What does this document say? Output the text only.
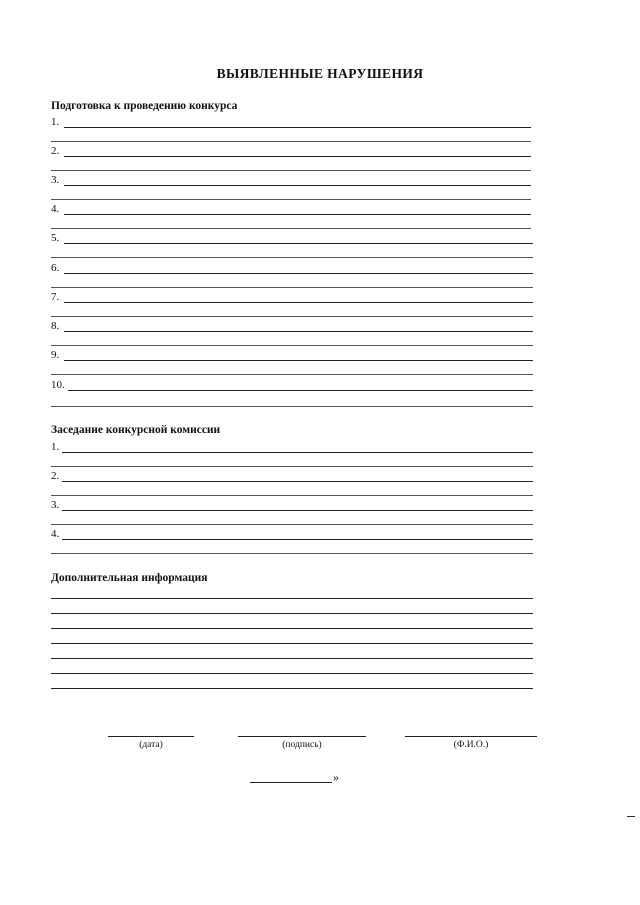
ВЫЯВЛЕННЫЕ НАРУШЕНИЯ
Подготовка к проведению конкурса
1.
2.
3.
4.
5.
6.
7.
8.
9.
10.
Заседание конкурсной комиссии
1.
2.
3.
4.
Дополнительная информация
(дата)	(подпись)	(Ф.И.О.)
»
